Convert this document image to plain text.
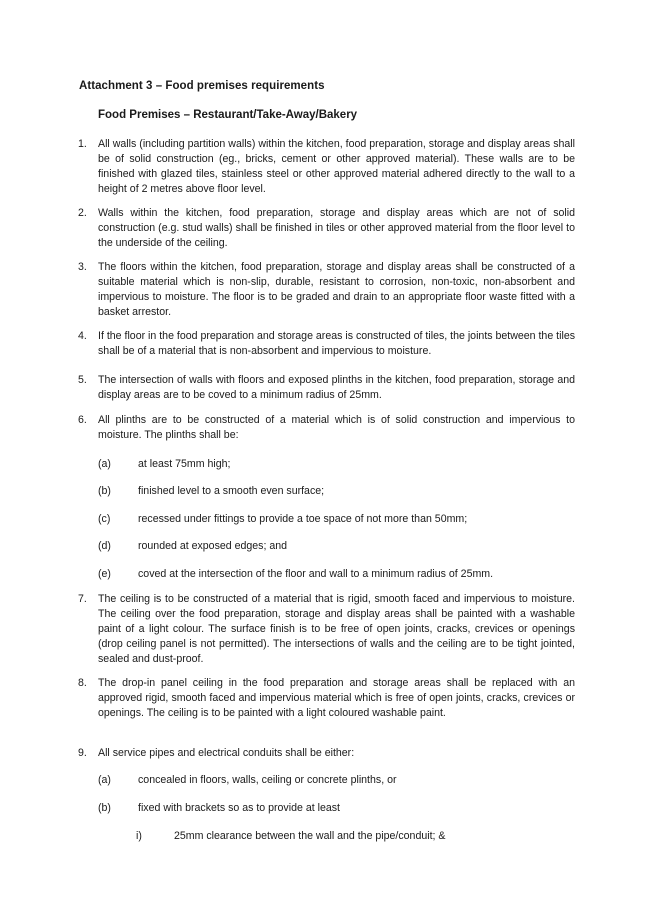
Attachment 3 – Food premises requirements
Food Premises – Restaurant/Take-Away/Bakery
1.	All walls (including partition walls) within the kitchen, food preparation, storage and display areas shall be of solid construction (eg., bricks, cement or other approved material). These walls are to be finished with glazed tiles, stainless steel or other approved material adhered directly to the wall to a height of 2 metres above floor level.
2.	Walls within the kitchen, food preparation, storage and display areas which are not of solid construction (e.g. stud walls) shall be finished in tiles or other approved material from the floor level to the underside of the ceiling.
3.	The floors within the kitchen, food preparation, storage and display areas shall be constructed of a suitable material which is non-slip, durable, resistant to corrosion, non-toxic, non-absorbent and impervious to moisture. The floor is to be graded and drain to an appropriate floor waste fitted with a basket arrestor.
4.	If the floor in the food preparation and storage areas is constructed of tiles, the joints between the tiles shall be of a material that is non-absorbent and impervious to moisture.
5.	The intersection of walls with floors and exposed plinths in the kitchen, food preparation, storage and display areas are to be coved to a minimum radius of 25mm.
6.	All plinths are to be constructed of a material which is of solid construction and impervious to moisture. The plinths shall be:
(a)	at least 75mm high;
(b)	finished level to a smooth even surface;
(c)	recessed under fittings to provide a toe space of not more than 50mm;
(d)	rounded at exposed edges; and
(e)	coved at the intersection of the floor and wall to a minimum radius of 25mm.
7.	The ceiling is to be constructed of a material that is rigid, smooth faced and impervious to moisture. The ceiling over the food preparation, storage and display areas shall be painted with a washable paint of a light colour. The surface finish is to be free of open joints, cracks, crevices or openings (drop ceiling panel is not permitted). The intersections of walls and the ceiling are to be tight jointed, sealed and dust-proof.
8.	The drop-in panel ceiling in the food preparation and storage areas shall be replaced with an approved rigid, smooth faced and impervious material which is free of open joints, cracks, crevices or openings. The ceiling is to be painted with a light coloured washable paint.
9.	All service pipes and electrical conduits shall be either:
(a)	concealed in floors, walls, ceiling or concrete plinths, or
(b)	fixed with brackets so as to provide at least
i)	25mm clearance between the wall and the pipe/conduit; &
